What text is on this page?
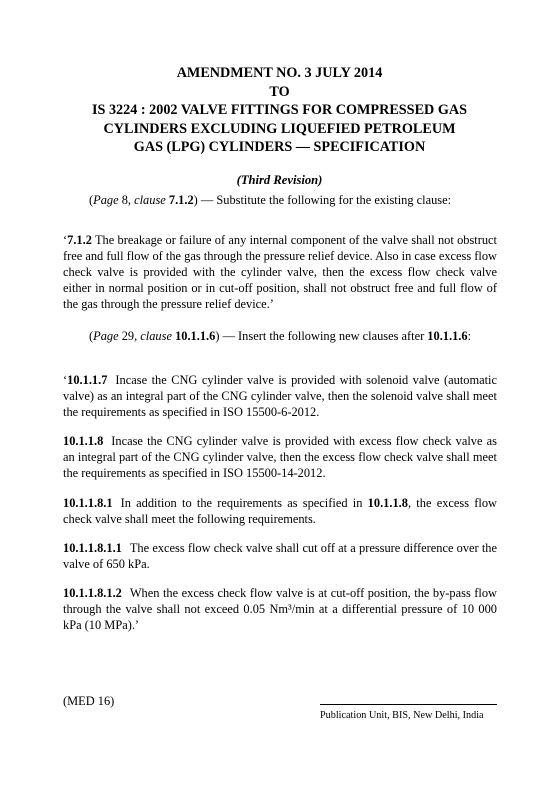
AMENDMENT NO. 3 JULY 2014
TO
IS 3224 : 2002 VALVE FITTINGS FOR COMPRESSED GAS
CYLINDERS EXCLUDING LIQUEFIED PETROLEUM
GAS (LPG) CYLINDERS — SPECIFICATION
(Third Revision)

(Page 8, clause 7.1.2) — Substitute the following for the existing clause:

‘7.1.2 The breakage or failure of any internal component of the valve shall not obstruct free and full flow of the gas through the pressure relief device. Also in case excess flow check valve is provided with the cylinder valve, then the excess flow check valve either in normal position or in cut-off position, shall not obstruct free and full flow of the gas through the pressure relief device.’

(Page 29, clause 10.1.1.6) — Insert the following new clauses after 10.1.1.6:

‘10.1.1.7 Incase the CNG cylinder valve is provided with solenoid valve (automatic valve) as an integral part of the CNG cylinder valve, then the solenoid valve shall meet the requirements as specified in ISO 15500-6-2012.

10.1.1.8 Incase the CNG cylinder valve is provided with excess flow check valve as an integral part of the CNG cylinder valve, then the excess flow check valve shall meet the requirements as specified in ISO 15500-14-2012.

10.1.1.8.1 In addition to the requirements as specified in 10.1.1.8, the excess flow check valve shall meet the following requirements.

10.1.1.8.1.1 The excess flow check valve shall cut off at a pressure difference over the valve of 650 kPa.

10.1.1.8.1.2 When the excess check flow valve is at cut-off position, the by-pass flow through the valve shall not exceed 0.05 Nm³/min at a differential pressure of 10 000 kPa (10 MPa).’

(MED 16)
Publication Unit, BIS, New Delhi, India
